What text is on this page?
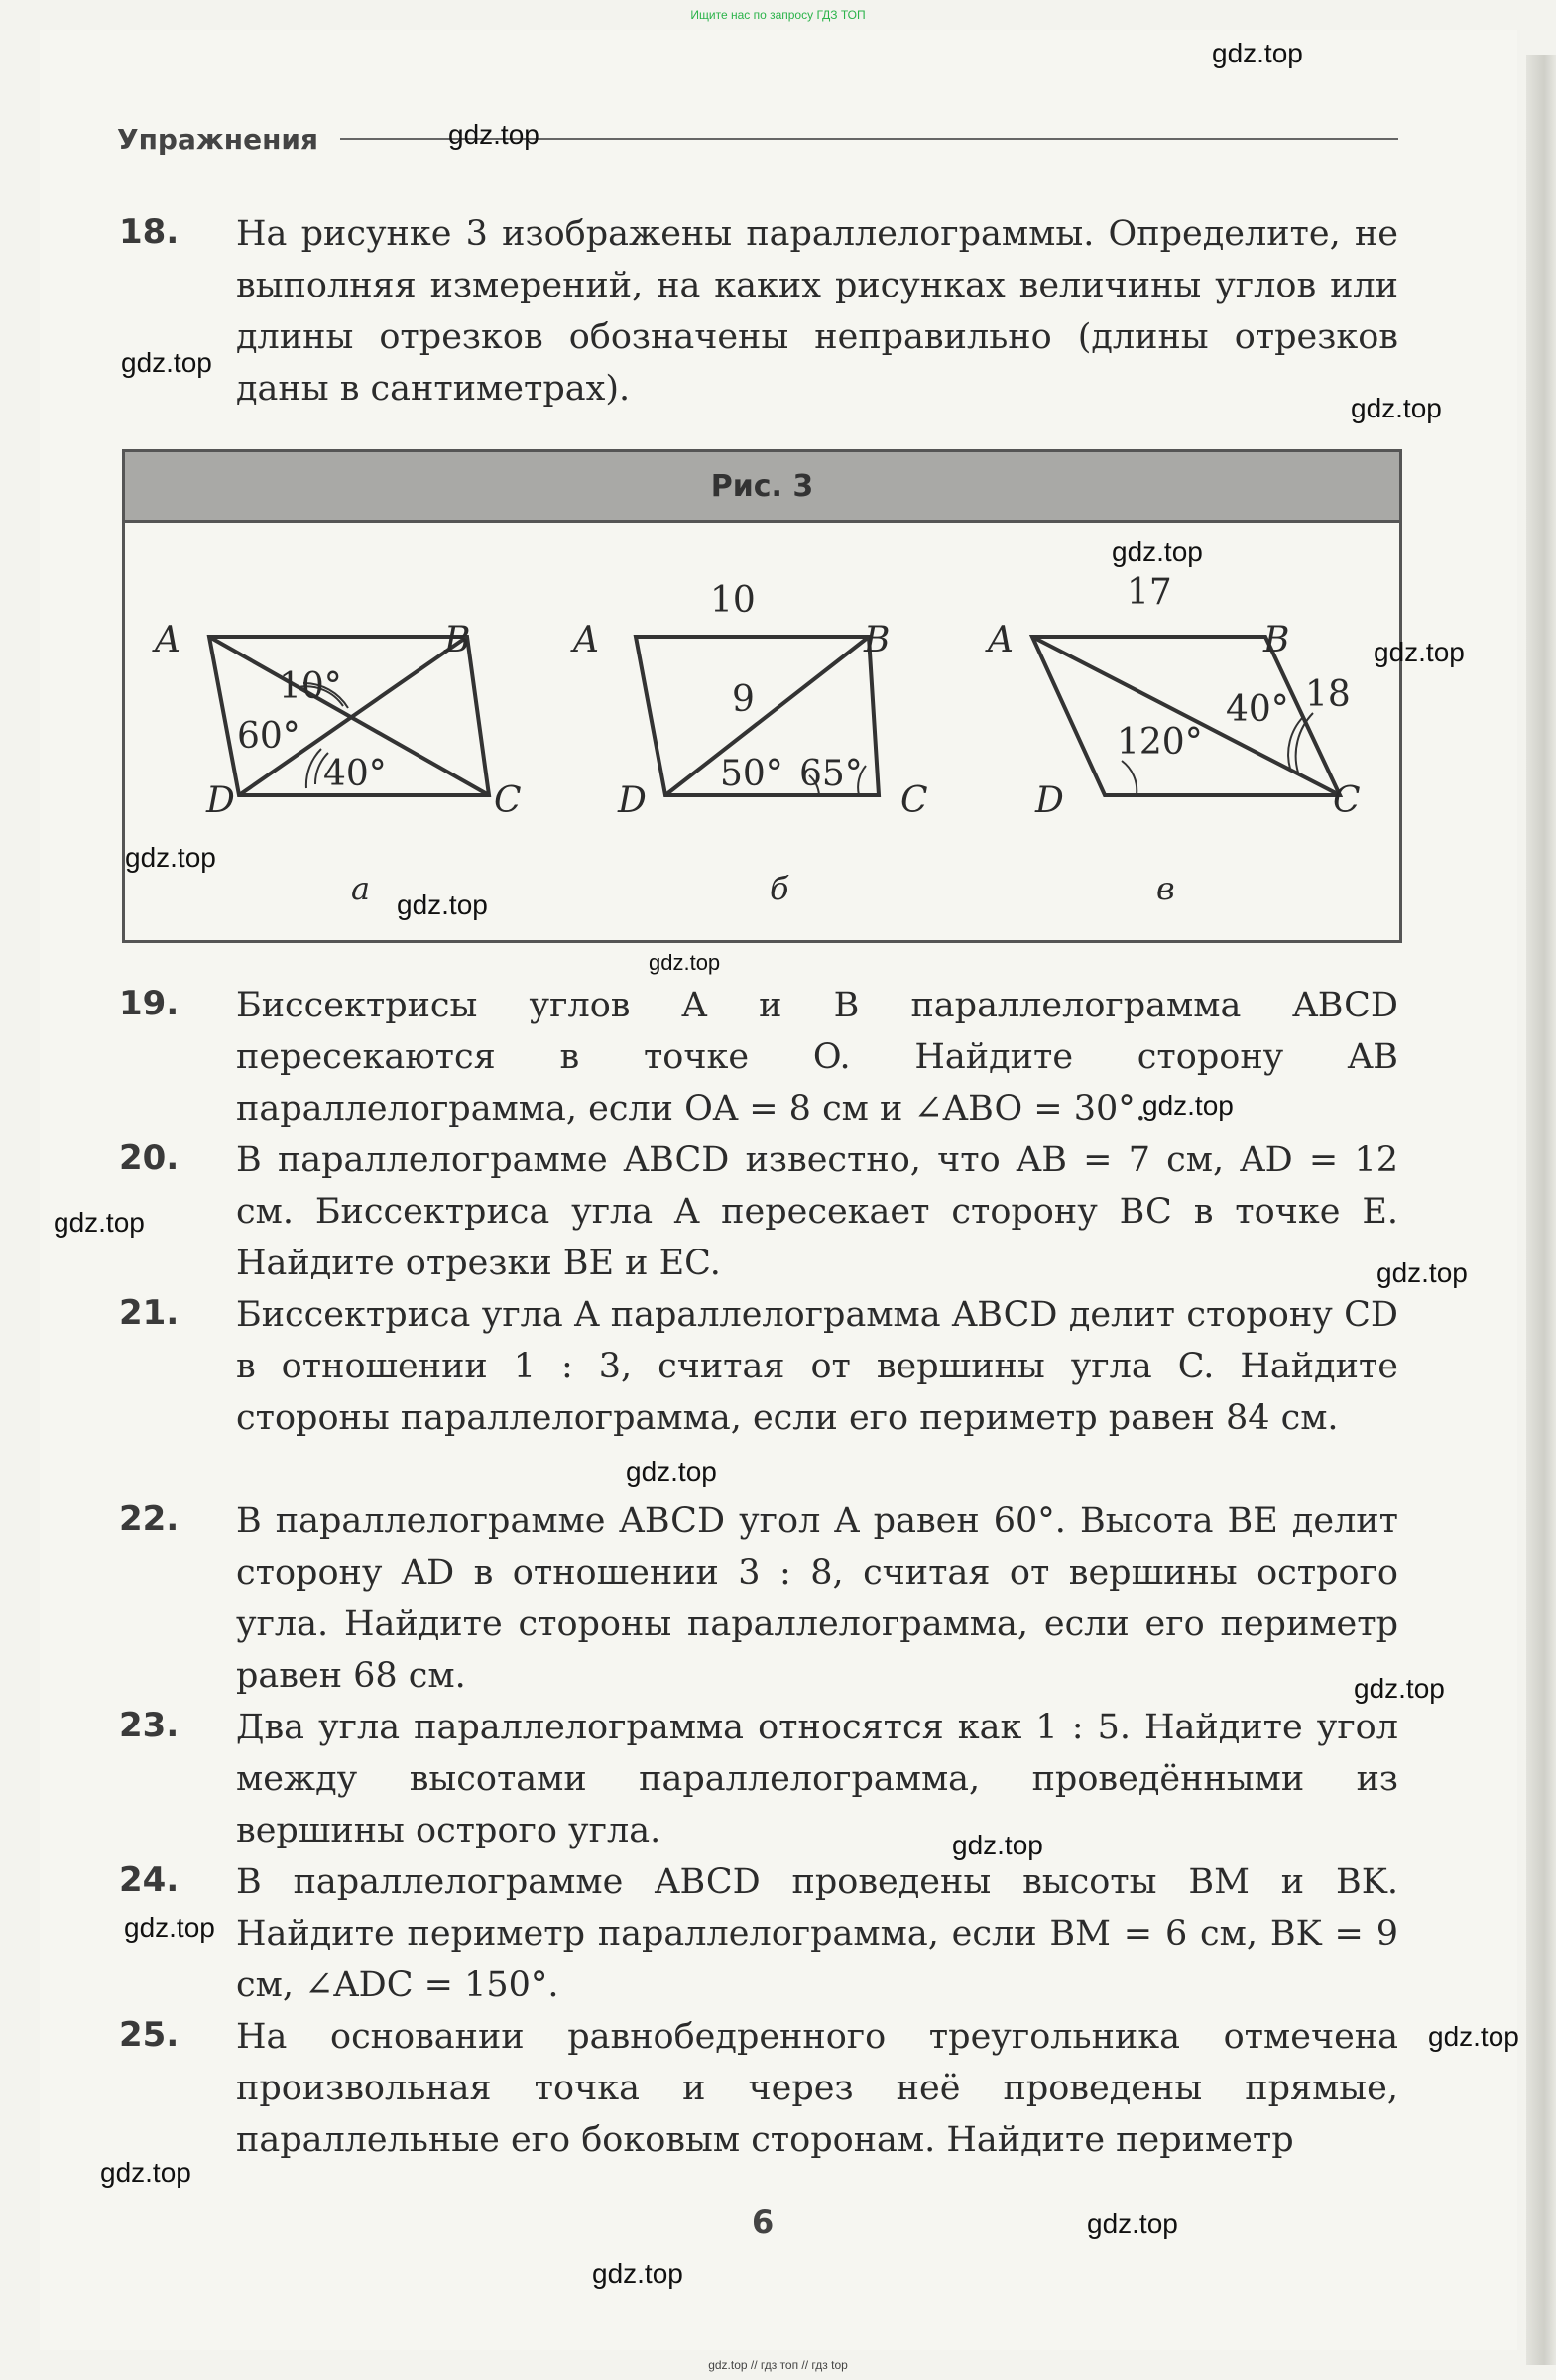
Ищите нас по запросу ГДЗ ТОП
Упражнения
18. На рисунке 3 изображены параллелограммы. Определите, не выполняя измерений, на каких рисунках величины углов или длины отрезков обозначены неправильно (длины отрезков даны в сантиметрах).
Рис. 3
A	B
C
D
10°
60°
40°
а
A	B
C
D
10
9
50° 65°
б
A	B
C
D
17
18
120°
40°
в
19. Биссектрисы углов A и B параллелограмма ABCD пересекаются в точке O. Найдите сторону AB параллелограмма, если OA = 8 см и ∠ABO = 30°.
20. В параллелограмме ABCD известно, что AB = 7 см, AD = 12 см. Биссектриса угла A пересекает сторону BC в точке E. Найдите отрезки BE и EC.
21. Биссектриса угла A параллелограмма ABCD делит сторону CD в отношении 1 : 3, считая от вершины угла C. Найдите стороны параллелограмма, если его периметр равен 84 см.
22. В параллелограмме ABCD угол A равен 60°. Высота BE делит сторону AD в отношении 3 : 8, считая от вершины острого угла. Найдите стороны параллелограмма, если его периметр равен 68 см.
23. Два угла параллелограмма относятся как 1 : 5. Найдите угол между высотами параллелограмма, проведёнными из вершины острого угла.
24. В параллелограмме ABCD проведены высоты BM и BK. Найдите периметр параллелограмма, если BM = 6 см, BK = 9 см, ∠ADC = 150°.
25. На основании равнобедренного треугольника отмечена произвольная точка и через неё проведены прямые, параллельные его боковым сторонам. Найдите периметр
6
gdz.top
gdz.top
gdz.top
gdz.top
gdz.top
gdz.top
gdz.top
gdz.top
gdz.top
gdz.top
gdz.top
gdz.top
gdz.top
gdz.top
gdz.top
gdz.top
gdz.top
gdz.top
gdz.top
gdz.top
gdz.top // гдз топ // гдз top
